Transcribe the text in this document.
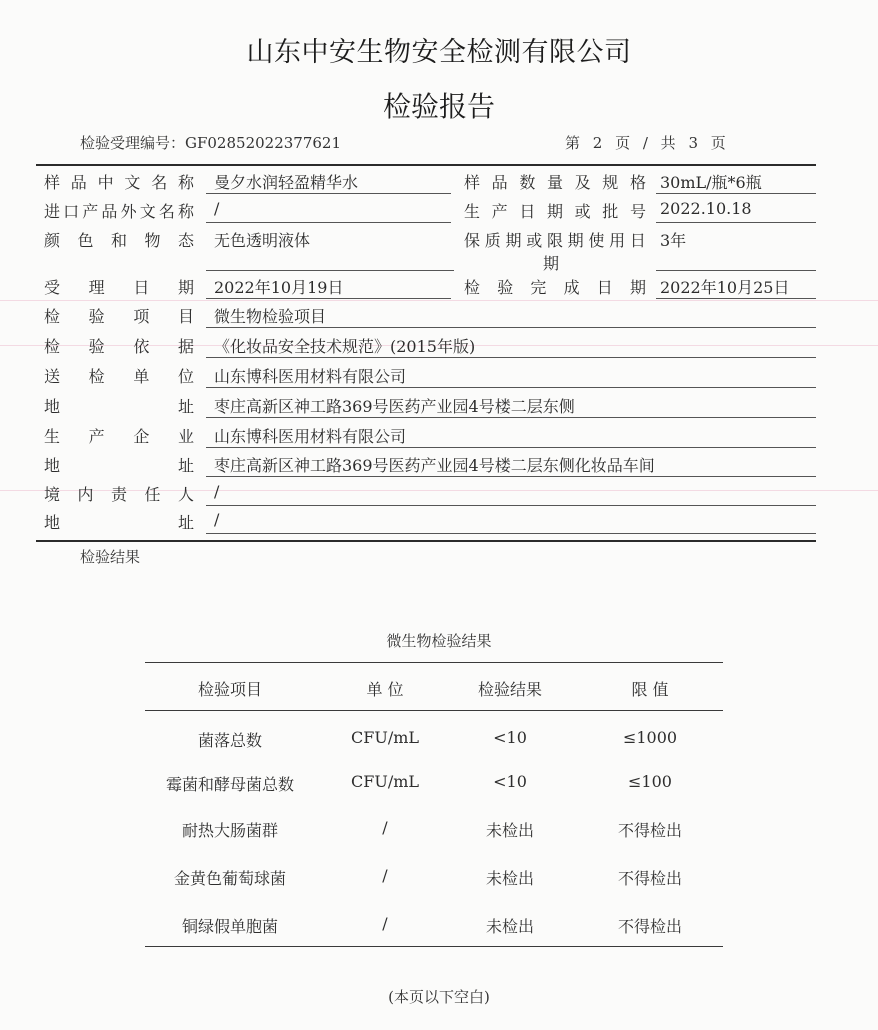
山东中安生物安全检测有限公司
检验报告
检验受理编号：GF02852022377621	第 2 页 / 共 3 页
样 品 中 文 名 称	曼夕水润轻盈精华水	样 品 数 量 及 规 格 30mL/瓶*6瓶
进 口 产 品 外 文 名 称	/	生 产 日 期 或 批 号 2022.10.18
颜 色 和 物 态	无色透明液体	保 质 期 或 限 期 使 用 日 3年
期
受 理 日 期	2022年10月19日	检 验 完 成 日 期 2022年10月25日
检 验 项 目	微生物检验项目
检 验 依 据	《化妆品安全技术规范》(2015年版)
送 检 单 位	山东博科医用材料有限公司
地	址	枣庄高新区神工路369号医药产业园4号楼二层东侧
生 产 企 业	山东博科医用材料有限公司
地	址	枣庄高新区神工路369号医药产业园4号楼二层东侧化妆品车间
境 内 责 任 人	/
地	址	/
检验结果
微生物检验结果
检验项目	单 位	检验结果	限 值
菌落总数	CFU/mL	<10	≤1000
霉菌和酵母菌总数	CFU/mL	<10	≤100
耐热大肠菌群	/	未检出	不得检出
金黄色葡萄球菌	/	未检出	不得检出
铜绿假单胞菌	/	未检出	不得检出
(本页以下空白)
